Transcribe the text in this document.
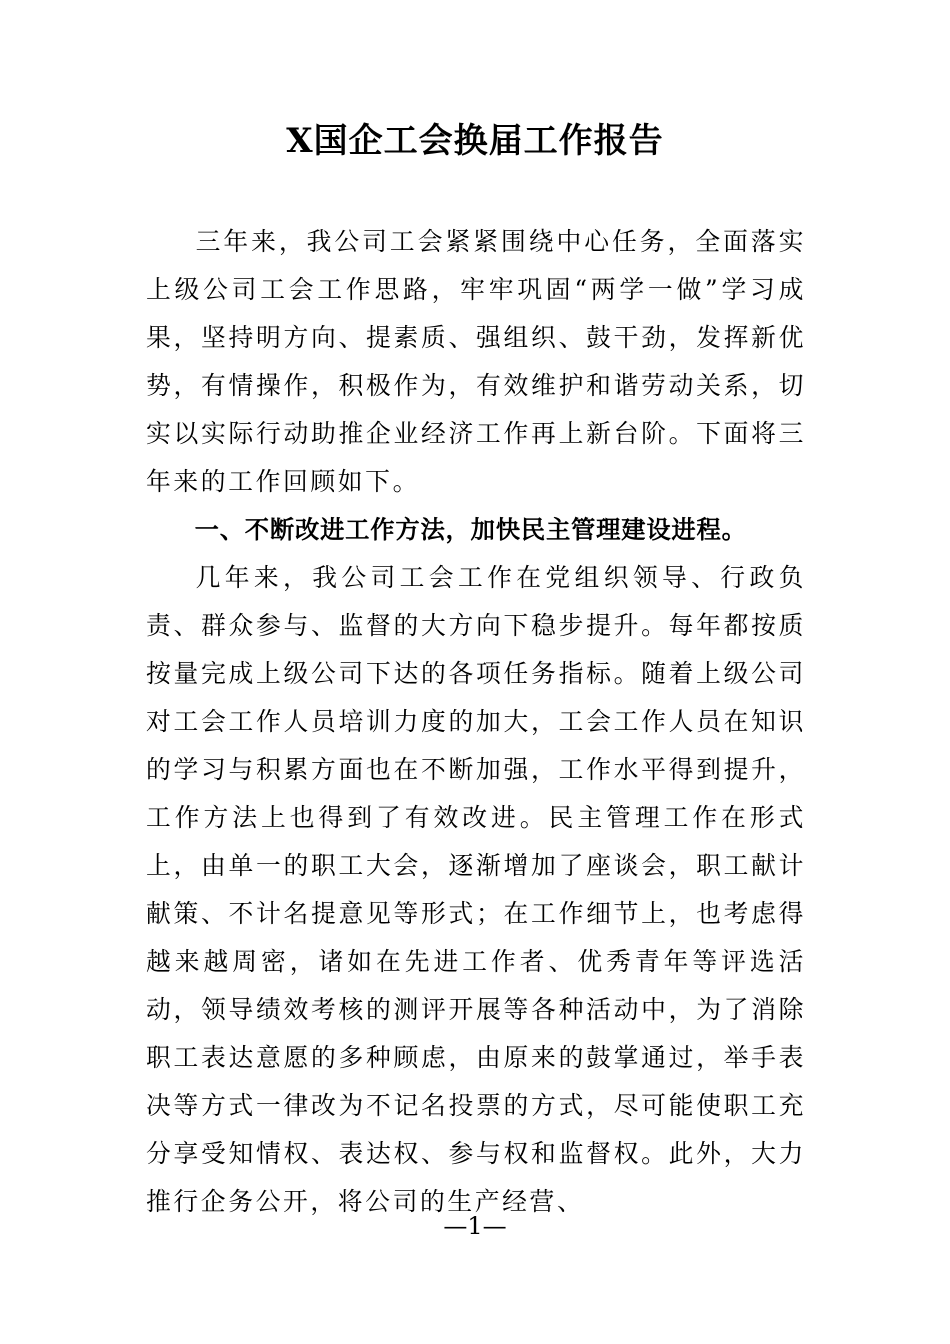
X国企工会换届工作报告

三年来，我公司工会紧紧围绕中心任务，全面落实上级公司工会工作思路，牢牢巩固“两学一做”学习成果，坚持明方向、提素质、强组织、鼓干劲，发挥新优势，有情操作，积极作为，有效维护和谐劳动关系，切实以实际行动助推企业经济工作再上新台阶。下面将三年来的工作回顾如下。

一、不断改进工作方法，加快民主管理建设进程。

几年来，我公司工会工作在党组织领导、行政负责、群众参与、监督的大方向下稳步提升。每年都按质按量完成上级公司下达的各项任务指标。随着上级公司对工会工作人员培训力度的加大，工会工作人员在知识的学习与积累方面也在不断加强，工作水平得到提升，工作方法上也得到了有效改进。民主管理工作在形式上，由单一的职工大会，逐渐增加了座谈会，职工献计献策、不计名提意见等形式；在工作细节上，也考虑得越来越周密，诸如在先进工作者、优秀青年等评选活动，领导绩效考核的测评开展等各种活动中，为了消除职工表达意愿的多种顾虑，由原来的鼓掌通过，举手表决等方式一律改为不记名投票的方式，尽可能使职工充分享受知情权、表达权、参与权和监督权。此外，大力推行企务公开，将公司的生产经营、

—1—
